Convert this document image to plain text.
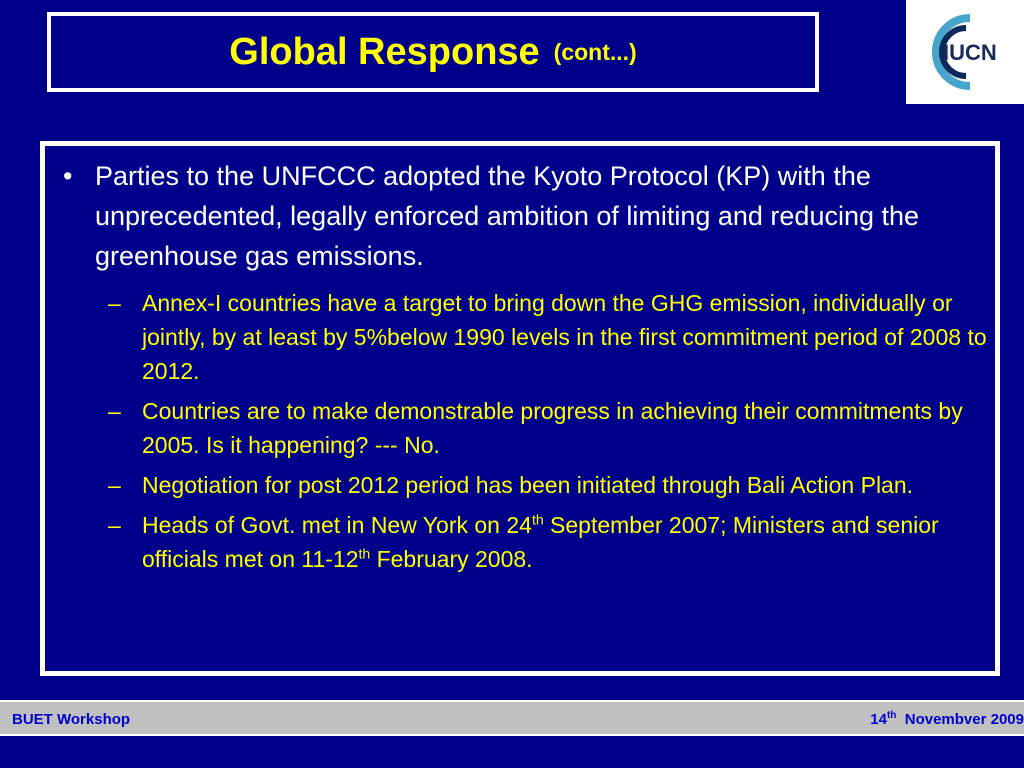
Global Response (cont...)	IUCN
• Parties to the UNFCCC adopted the Kyoto Protocol (KP) with the unprecedented, legally enforced ambition of limiting and reducing the greenhouse gas emissions.
– Annex-I countries have a target to bring down the GHG emission, individually or jointly, by at least by 5%below 1990 levels in the first commitment period of 2008 to 2012.
– Countries are to make demonstrable progress in achieving their commitments by 2005. Is it happening? --- No.
– Negotiation for post 2012 period has been initiated through Bali Action Plan.
– Heads of Govt. met in New York on 24th September 2007; Ministers and senior officials met on 11-12th February 2008.
BUET Workshop	14th  Novembver 2009
